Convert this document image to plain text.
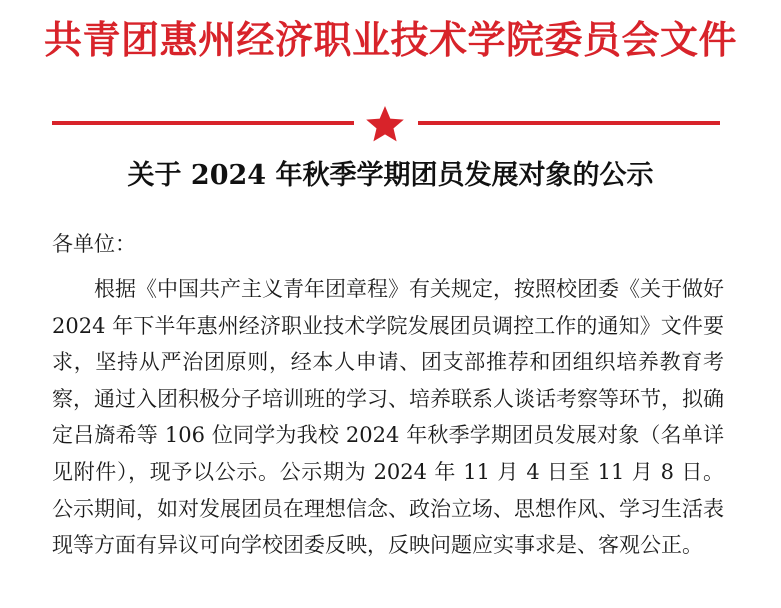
共青团惠州经济职业技术学院委员会文件
关于 2024 年秋季学期团员发展对象的公示
各单位：

根据《中国共产主义青年团章程》有关规定，按照校团委《关于做好 2024 年下半年惠州经济职业技术学院发展团员调控工作的通知》文件要求，坚持从严治团原则，经本人申请、团支部推荐和团组织培养教育考察，通过入团积极分子培训班的学习、培养联系人谈话考察等环节，拟确定吕旖希等 106 位同学为我校 2024 年秋季学期团员发展对象（名单详见附件），现予以公示。公示期为 2024 年 11 月 4 日至 11 月 8 日。公示期间，如对发展团员在理想信念、政治立场、思想作风、学习生活表现等方面有异议可向学校团委反映，反映问题应实事求是、客观公正。
